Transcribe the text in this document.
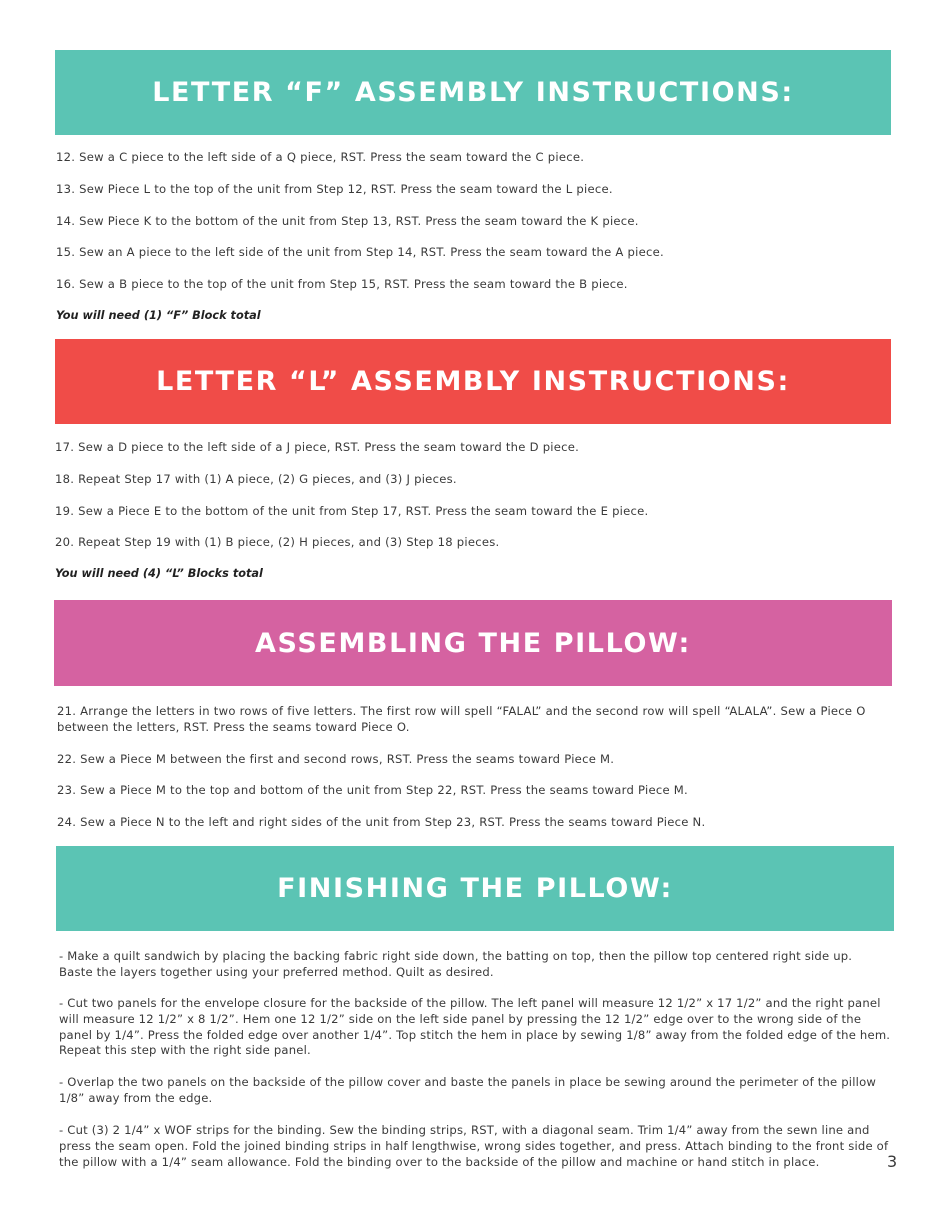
LETTER “F” ASSEMBLY INSTRUCTIONS:

12. Sew a C piece to the left side of a Q piece, RST. Press the seam toward the C piece.

13. Sew Piece L to the top of the unit from Step 12, RST. Press the seam toward the L piece.

14. Sew Piece K to the bottom of the unit from Step 13, RST. Press the seam toward the K piece.

15. Sew an A piece to the left side of the unit from Step 14, RST. Press the seam toward the A piece.

16. Sew a B piece to the top of the unit from Step 15, RST. Press the seam toward the B piece.

You will need (1) “F” Block total

LETTER “L” ASSEMBLY INSTRUCTIONS:

17. Sew a D piece to the left side of a J piece, RST. Press the seam toward the D piece.

18. Repeat Step 17 with (1) A piece, (2) G pieces, and (3) J pieces.

19. Sew a Piece E to the bottom of the unit from Step 17, RST. Press the seam toward the E piece.

20. Repeat Step 19 with (1) B piece, (2) H pieces, and (3) Step 18 pieces.

You will need (4) “L” Blocks total

ASSEMBLING THE PILLOW:

21. Arrange the letters in two rows of five letters. The first row will spell “FALAL” and the second row will spell “ALALA”. Sew a Piece O between the letters, RST. Press the seams toward Piece O.

22. Sew a Piece M between the first and second rows, RST. Press the seams toward Piece M.

23. Sew a Piece M to the top and bottom of the unit from Step 22, RST. Press the seams toward Piece M.

24. Sew a Piece N to the left and right sides of the unit from Step 23, RST. Press the seams toward Piece N.

FINISHING THE PILLOW:

- Make a quilt sandwich by placing the backing fabric right side down, the batting on top, then the pillow top centered right side up. Baste the layers together using your preferred method. Quilt as desired.

- Cut two panels for the envelope closure for the backside of the pillow. The left panel will measure 12 1/2” x 17 1/2” and the right panel will measure 12 1/2” x 8 1/2”. Hem one 12 1/2” side on the left side panel by pressing the 12 1/2” edge over to the wrong side of the panel by 1/4”. Press the folded edge over another 1/4”. Top stitch the hem in place by sewing 1/8” away from the folded edge of the hem. Repeat this step with the right side panel.

- Overlap the two panels on the backside of the pillow cover and baste the panels in place be sewing around the perimeter of the pillow 1/8” away from the edge.

- Cut (3) 2 1/4” x WOF strips for the binding. Sew the binding strips, RST, with a diagonal seam. Trim 1/4” away from the sewn line and press the seam open. Fold the joined binding strips in half lengthwise, wrong sides together, and press. Attach binding to the front side of the pillow with a 1/4” seam allowance. Fold the binding over to the backside of the pillow and machine or hand stitch in place.	3
